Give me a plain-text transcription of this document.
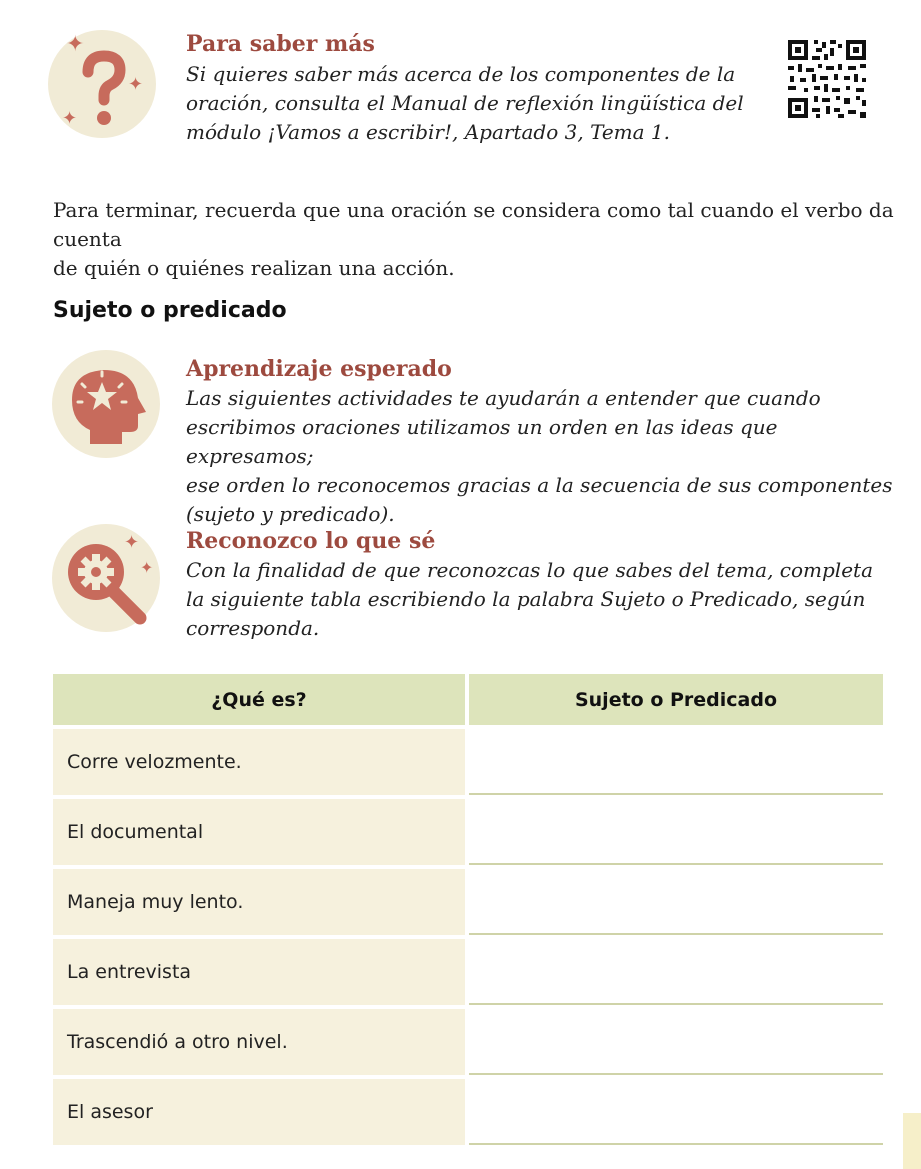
✦
✦
✦
Para saber más
Si quieres saber más acerca de los componentes de la
oración, consulta el Manual de reflexión lingüística del
módulo ¡Vamos a escribir!, Apartado 3, Tema 1.
Para terminar, recuerda que una oración se considera como tal cuando el verbo da cuenta
de quién o quiénes realizan una acción.
Sujeto o predicado
Aprendizaje esperado
Las siguientes actividades te ayudarán a entender que cuando
escribimos oraciones utilizamos un orden en las ideas que expresamos;
ese orden lo reconocemos gracias a la secuencia de sus componentes
(sujeto y predicado).
✦
✦
Reconozco lo que sé
Con la finalidad de que reconozcas lo que sabes del tema, completa
la siguiente tabla escribiendo la palabra Sujeto o Predicado, según
corresponda.
¿Qué es?	Sujeto o Predicado
Corre velozmente.
El documental
Maneja muy lento.
La entrevista
Trascendió a otro nivel.
El asesor
